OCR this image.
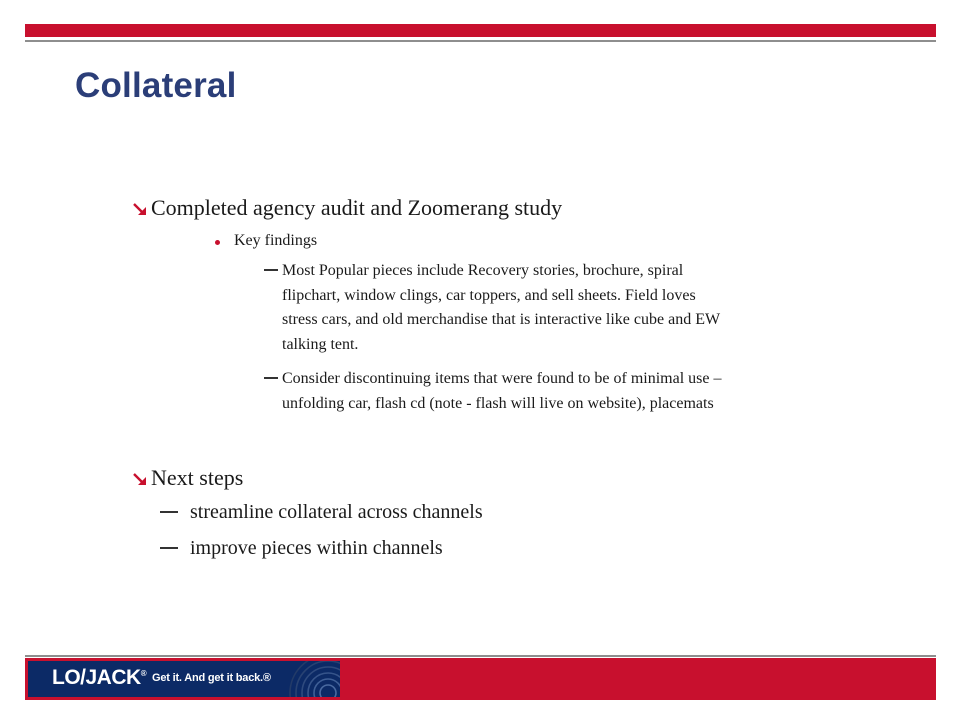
Collateral
Completed agency audit and Zoomerang study
Key findings
Most Popular pieces include Recovery stories, brochure, spiral
flipchart, window clings, car toppers, and sell sheets. Field loves
stress cars, and old merchandise that is interactive like cube and EW
talking tent.
Consider discontinuing items that were found to be of minimal use –
unfolding car, flash cd (note - flash will live on website), placemats
Next steps
streamline collateral across channels
improve pieces within channels
LO/JACK® Get it. And get it back.®
